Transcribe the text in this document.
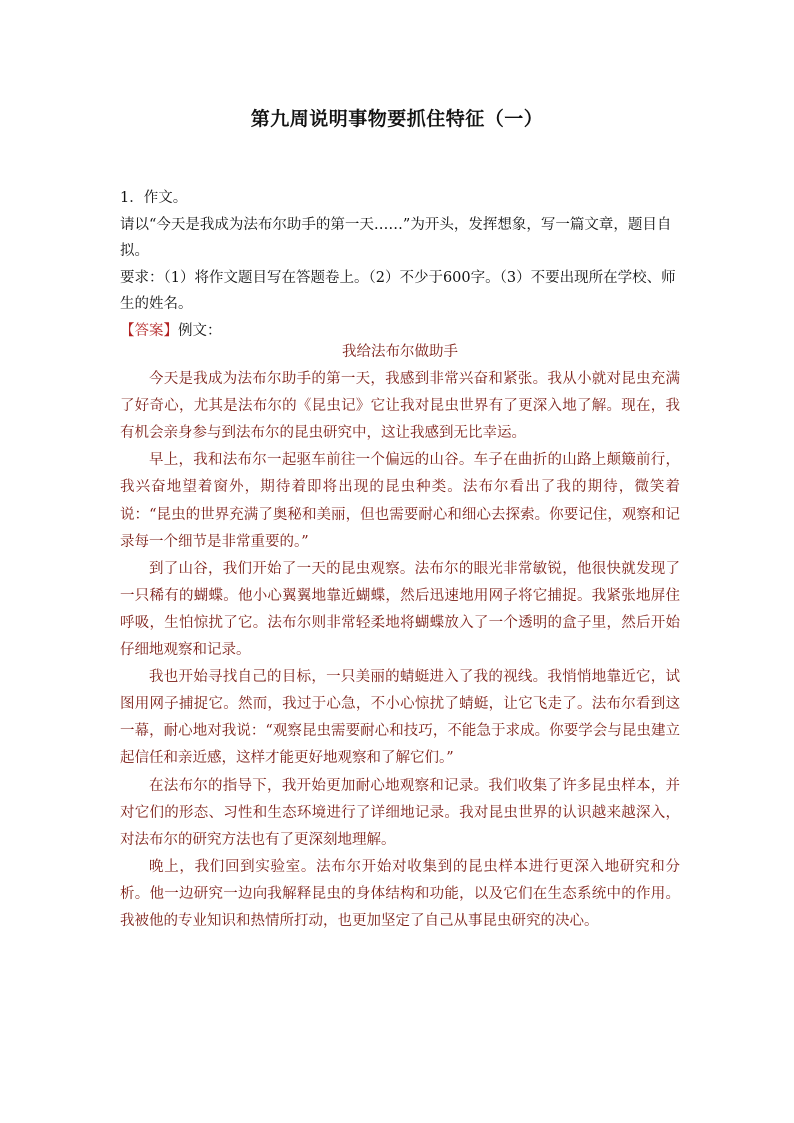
第九周说明事物要抓住特征（一）

1．作文。

请以“今天是我成为法布尔助手的第一天……”为开头，发挥想象，写一篇文章，题目自拟。

要求：（1）将作文题目写在答题卷上。（2）不少于600字。（3）不要出现所在学校、师生的姓名。

【答案】例文：

我给法布尔做助手

今天是我成为法布尔助手的第一天，我感到非常兴奋和紧张。我从小就对昆虫充满了好奇心，尤其是法布尔的《昆虫记》它让我对昆虫世界有了更深入地了解。现在，我有机会亲身参与到法布尔的昆虫研究中，这让我感到无比幸运。

早上，我和法布尔一起驱车前往一个偏远的山谷。车子在曲折的山路上颠簸前行，我兴奋地望着窗外，期待着即将出现的昆虫种类。法布尔看出了我的期待，微笑着说：“昆虫的世界充满了奥秘和美丽，但也需要耐心和细心去探索。你要记住，观察和记录每一个细节是非常重要的。”

到了山谷，我们开始了一天的昆虫观察。法布尔的眼光非常敏锐，他很快就发现了一只稀有的蝴蝶。他小心翼翼地靠近蝴蝶，然后迅速地用网子将它捕捉。我紧张地屏住呼吸，生怕惊扰了它。法布尔则非常轻柔地将蝴蝶放入了一个透明的盒子里，然后开始仔细地观察和记录。

我也开始寻找自己的目标，一只美丽的蜻蜓进入了我的视线。我悄悄地靠近它，试图用网子捕捉它。然而，我过于心急，不小心惊扰了蜻蜓，让它飞走了。法布尔看到这一幕，耐心地对我说：“观察昆虫需要耐心和技巧，不能急于求成。你要学会与昆虫建立起信任和亲近感，这样才能更好地观察和了解它们。”

在法布尔的指导下，我开始更加耐心地观察和记录。我们收集了许多昆虫样本，并对它们的形态、习性和生态环境进行了详细地记录。我对昆虫世界的认识越来越深入，对法布尔的研究方法也有了更深刻地理解。

晚上，我们回到实验室。法布尔开始对收集到的昆虫样本进行更深入地研究和分析。他一边研究一边向我解释昆虫的身体结构和功能，以及它们在生态系统中的作用。我被他的专业知识和热情所打动，也更加坚定了自己从事昆虫研究的决心。
